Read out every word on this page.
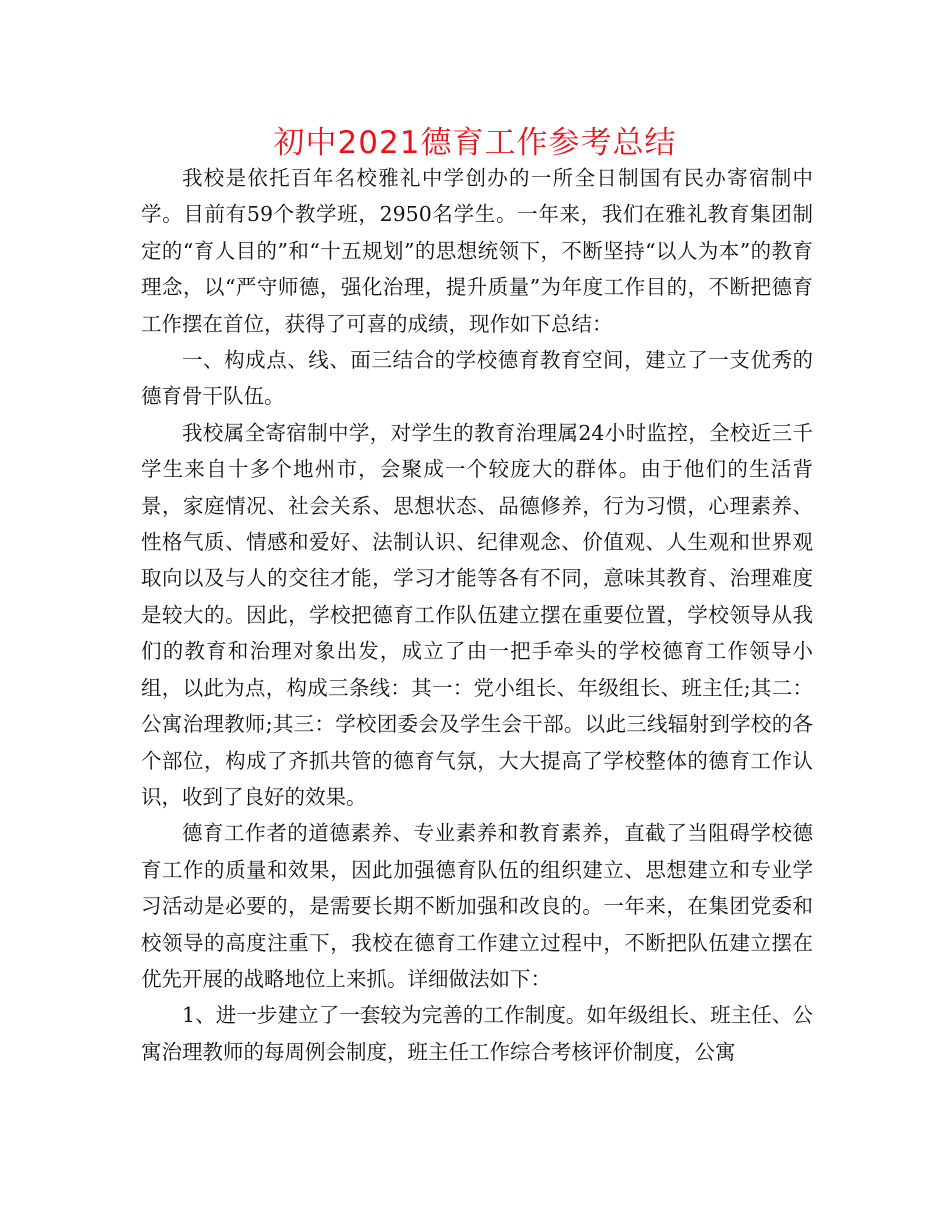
初中2021德育工作参考总结

我校是依托百年名校雅礼中学创办的一所全日制国有民办寄宿制中学。目前有59个教学班，2950名学生。一年来，我们在雅礼教育集团制定的“育人目的”和“十五规划”的思想统领下，不断坚持“以人为本”的教育理念，以“严守师德，强化治理，提升质量”为年度工作目的，不断把德育工作摆在首位，获得了可喜的成绩，现作如下总结：

一、构成点、线、面三结合的学校德育教育空间，建立了一支优秀的德育骨干队伍。

我校属全寄宿制中学，对学生的教育治理属24小时监控，全校近三千学生来自十多个地州市，会聚成一个较庞大的群体。由于他们的生活背景，家庭情况、社会关系、思想状态、品德修养，行为习惯，心理素养、性格气质、情感和爱好、法制认识、纪律观念、价值观、人生观和世界观取向以及与人的交往才能，学习才能等各有不同，意味其教育、治理难度是较大的。因此，学校把德育工作队伍建立摆在重要位置，学校领导从我们的教育和治理对象出发，成立了由一把手牵头的学校德育工作领导小组，以此为点，构成三条线：其一：党小组长、年级组长、班主任;其二：公寓治理教师;其三：学校团委会及学生会干部。以此三线辐射到学校的各个部位，构成了齐抓共管的德育气氛，大大提高了学校整体的德育工作认识，收到了良好的效果。

德育工作者的道德素养、专业素养和教育素养，直截了当阻碍学校德育工作的质量和效果，因此加强德育队伍的组织建立、思想建立和专业学习活动是必要的，是需要长期不断加强和改良的。一年来，在集团党委和校领导的高度注重下，我校在德育工作建立过程中，不断把队伍建立摆在优先开展的战略地位上来抓。详细做法如下：

1、进一步建立了一套较为完善的工作制度。如年级组长、班主任、公寓治理教师的每周例会制度，班主任工作综合考核评价制度，公寓
